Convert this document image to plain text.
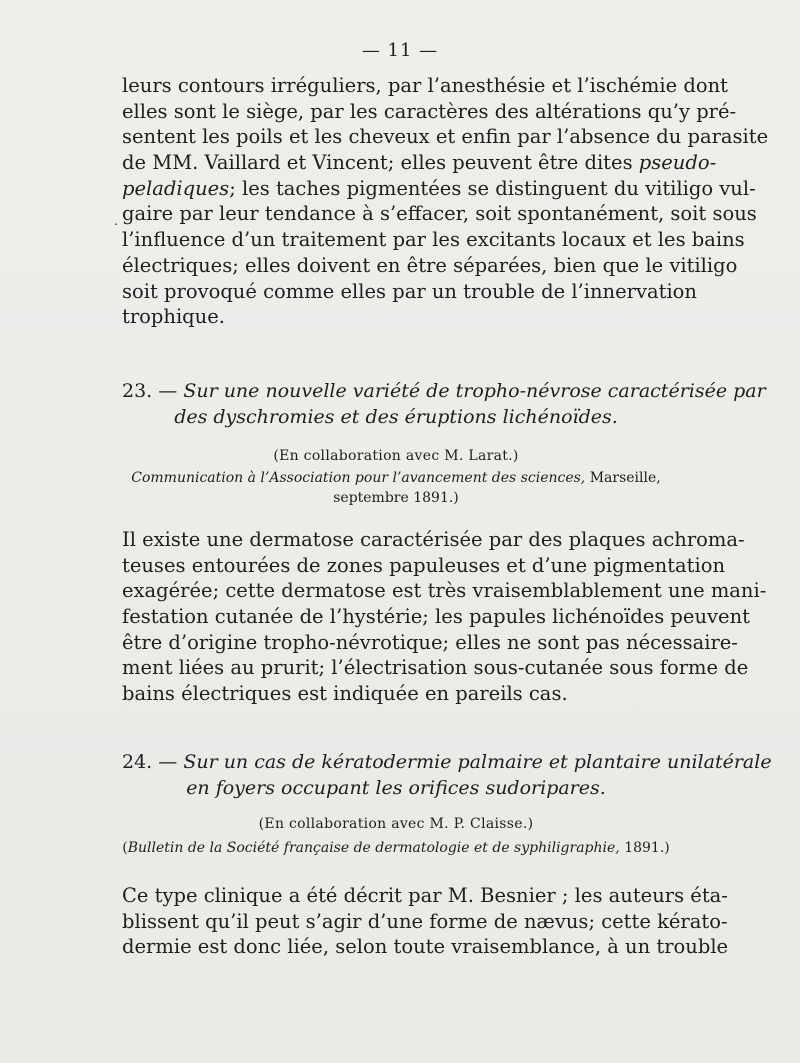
— 11 —
leurs contours irréguliers, par l’anesthésie et l’ischémie dont
elles sont le siège, par les caractères des altérations qu’y pré-
sentent les poils et les cheveux et enfin par l’absence du parasite
de MM. Vaillard et Vincent; elles peuvent être dites pseudo-
peladiques; les taches pigmentées se distinguent du vitiligo vul-
gaire par leur tendance à s’effacer, soit spontanément, soit sous
l’influence d’un traitement par les excitants locaux et les bains
électriques; elles doivent en être séparées, bien que le vitiligo
soit provoqué comme elles par un trouble de l’innervation
trophique.
.
23. — Sur une nouvelle variété de tropho-névrose caractérisée par
des dyschromies et des éruptions lichénoïdes.
(En collaboration avec M. Larat.)
Communication à l’Association pour l’avancement des sciences, Marseille,
septembre 1891.)
Il existe une dermatose caractérisée par des plaques achroma-
teuses entourées de zones papuleuses et d’une pigmentation
exagérée; cette dermatose est très vraisemblablement une mani-
festation cutanée de l’hystérie; les papules lichénoïdes peuvent
être d’origine tropho-névrotique; elles ne sont pas nécessaire-
ment liées au prurit; l’électrisation sous-cutanée sous forme de
bains électriques est indiquée en pareils cas.
24. — Sur un cas de kératodermie palmaire et plantaire unilatérale
en foyers occupant les orifices sudoripares.
(En collaboration avec M. P. Claisse.)
(Bulletin de la Société française de dermatologie et de syphiligraphie, 1891.)
Ce type clinique a été décrit par M. Besnier ; les auteurs éta-
blissent qu’il peut s’agir d’une forme de nævus; cette kérato-
dermie est donc liée, selon toute vraisemblance, à un trouble
